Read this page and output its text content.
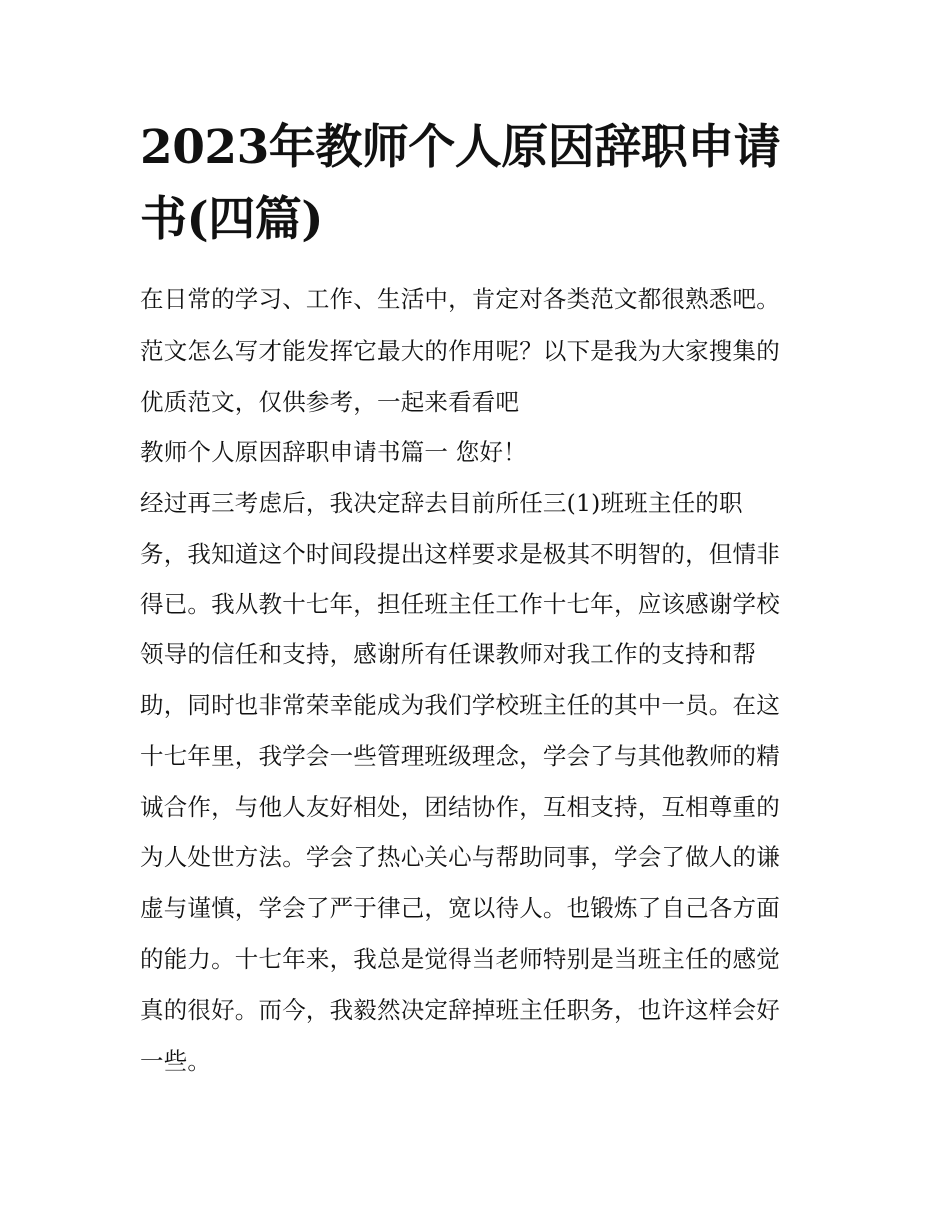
2023年教师个人原因辞职申请书(四篇)
在日常的学习、工作、生活中，肯定对各类范文都很熟悉吧。
范文怎么写才能发挥它最大的作用呢？以下是我为大家搜集的
优质范文，仅供参考，一起来看看吧
教师个人原因辞职申请书篇一 您好！
经过再三考虑后，我决定辞去目前所任三(1)班班主任的职
务，我知道这个时间段提出这样要求是极其不明智的，但情非
得已。我从教十七年，担任班主任工作十七年，应该感谢学校
领导的信任和支持，感谢所有任课教师对我工作的支持和帮
助，同时也非常荣幸能成为我们学校班主任的其中一员。在这
十七年里，我学会一些管理班级理念，学会了与其他教师的精
诚合作，与他人友好相处，团结协作，互相支持，互相尊重的
为人处世方法。学会了热心关心与帮助同事，学会了做人的谦
虚与谨慎，学会了严于律己，宽以待人。也锻炼了自己各方面
的能力。十七年来，我总是觉得当老师特别是当班主任的感觉
真的很好。而今，我毅然决定辞掉班主任职务，也许这样会好
一些。
